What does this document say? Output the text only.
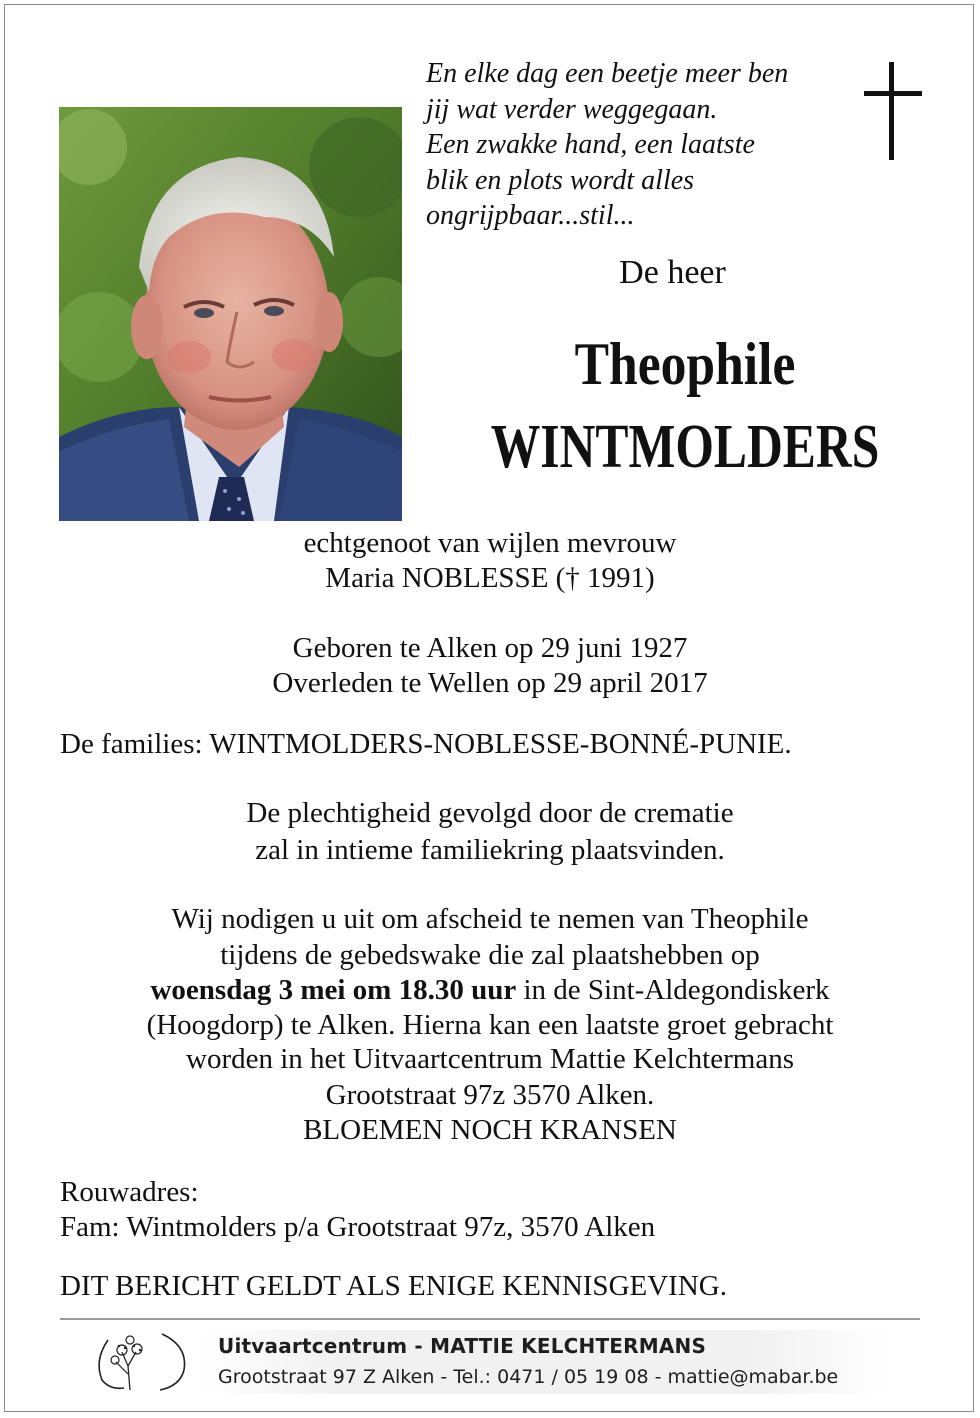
En elke dag een beetje meer ben
jij wat verder weggegaan.
Een zwakke hand, een laatste
blik en plots wordt alles
ongrijpbaar...stil...
De heer
Theophile
WINTMOLDERS
echtgenoot van wijlen mevrouw
Maria NOBLESSE († 1991)
Geboren te Alken op 29 juni 1927
Overleden te Wellen op 29 april 2017
De families: WINTMOLDERS-NOBLESSE-BONNÉ-PUNIE.
De plechtigheid gevolgd door de crematie
zal in intieme familiekring plaatsvinden.
Wij nodigen u uit om afscheid te nemen van Theophile
tijdens de gebedswake die zal plaatshebben op
woensdag 3 mei om 18.30 uur in de Sint-Aldegondiskerk
(Hoogdorp) te Alken. Hierna kan een laatste groet gebracht
worden in het Uitvaartcentrum Mattie Kelchtermans
Grootstraat 97z 3570 Alken.
BLOEMEN NOCH KRANSEN
Rouwadres:
Fam: Wintmolders p/a Grootstraat 97z, 3570 Alken
DIT BERICHT GELDT ALS ENIGE KENNISGEVING.
Uitvaartcentrum - MATTIE KELCHTERMANS
Grootstraat 97 Z Alken - Tel.: 0471 / 05 19 08 - mattie@mabar.be
